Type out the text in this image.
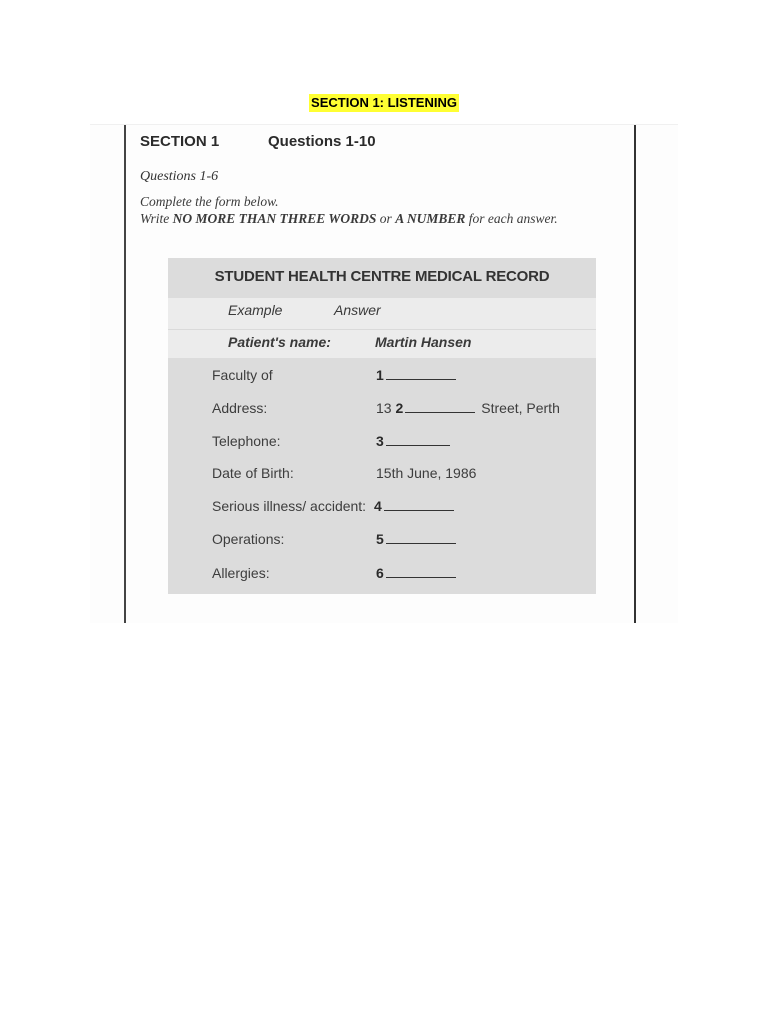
SECTION 1: LISTENING
SECTION 1	Questions 1-10
Questions 1-6
Complete the form below.
Write NO MORE THAN THREE WORDS or A NUMBER for each answer.
STUDENT HEALTH CENTRE MEDICAL RECORD
Example	Answer
Patient's name:	Martin Hansen
Faculty of	1
Address:	13 2	Street, Perth
Telephone:	3
Date of Birth:	15th June, 1986
Serious illness/ accident: 4
Operations:	5
Allergies:	6
